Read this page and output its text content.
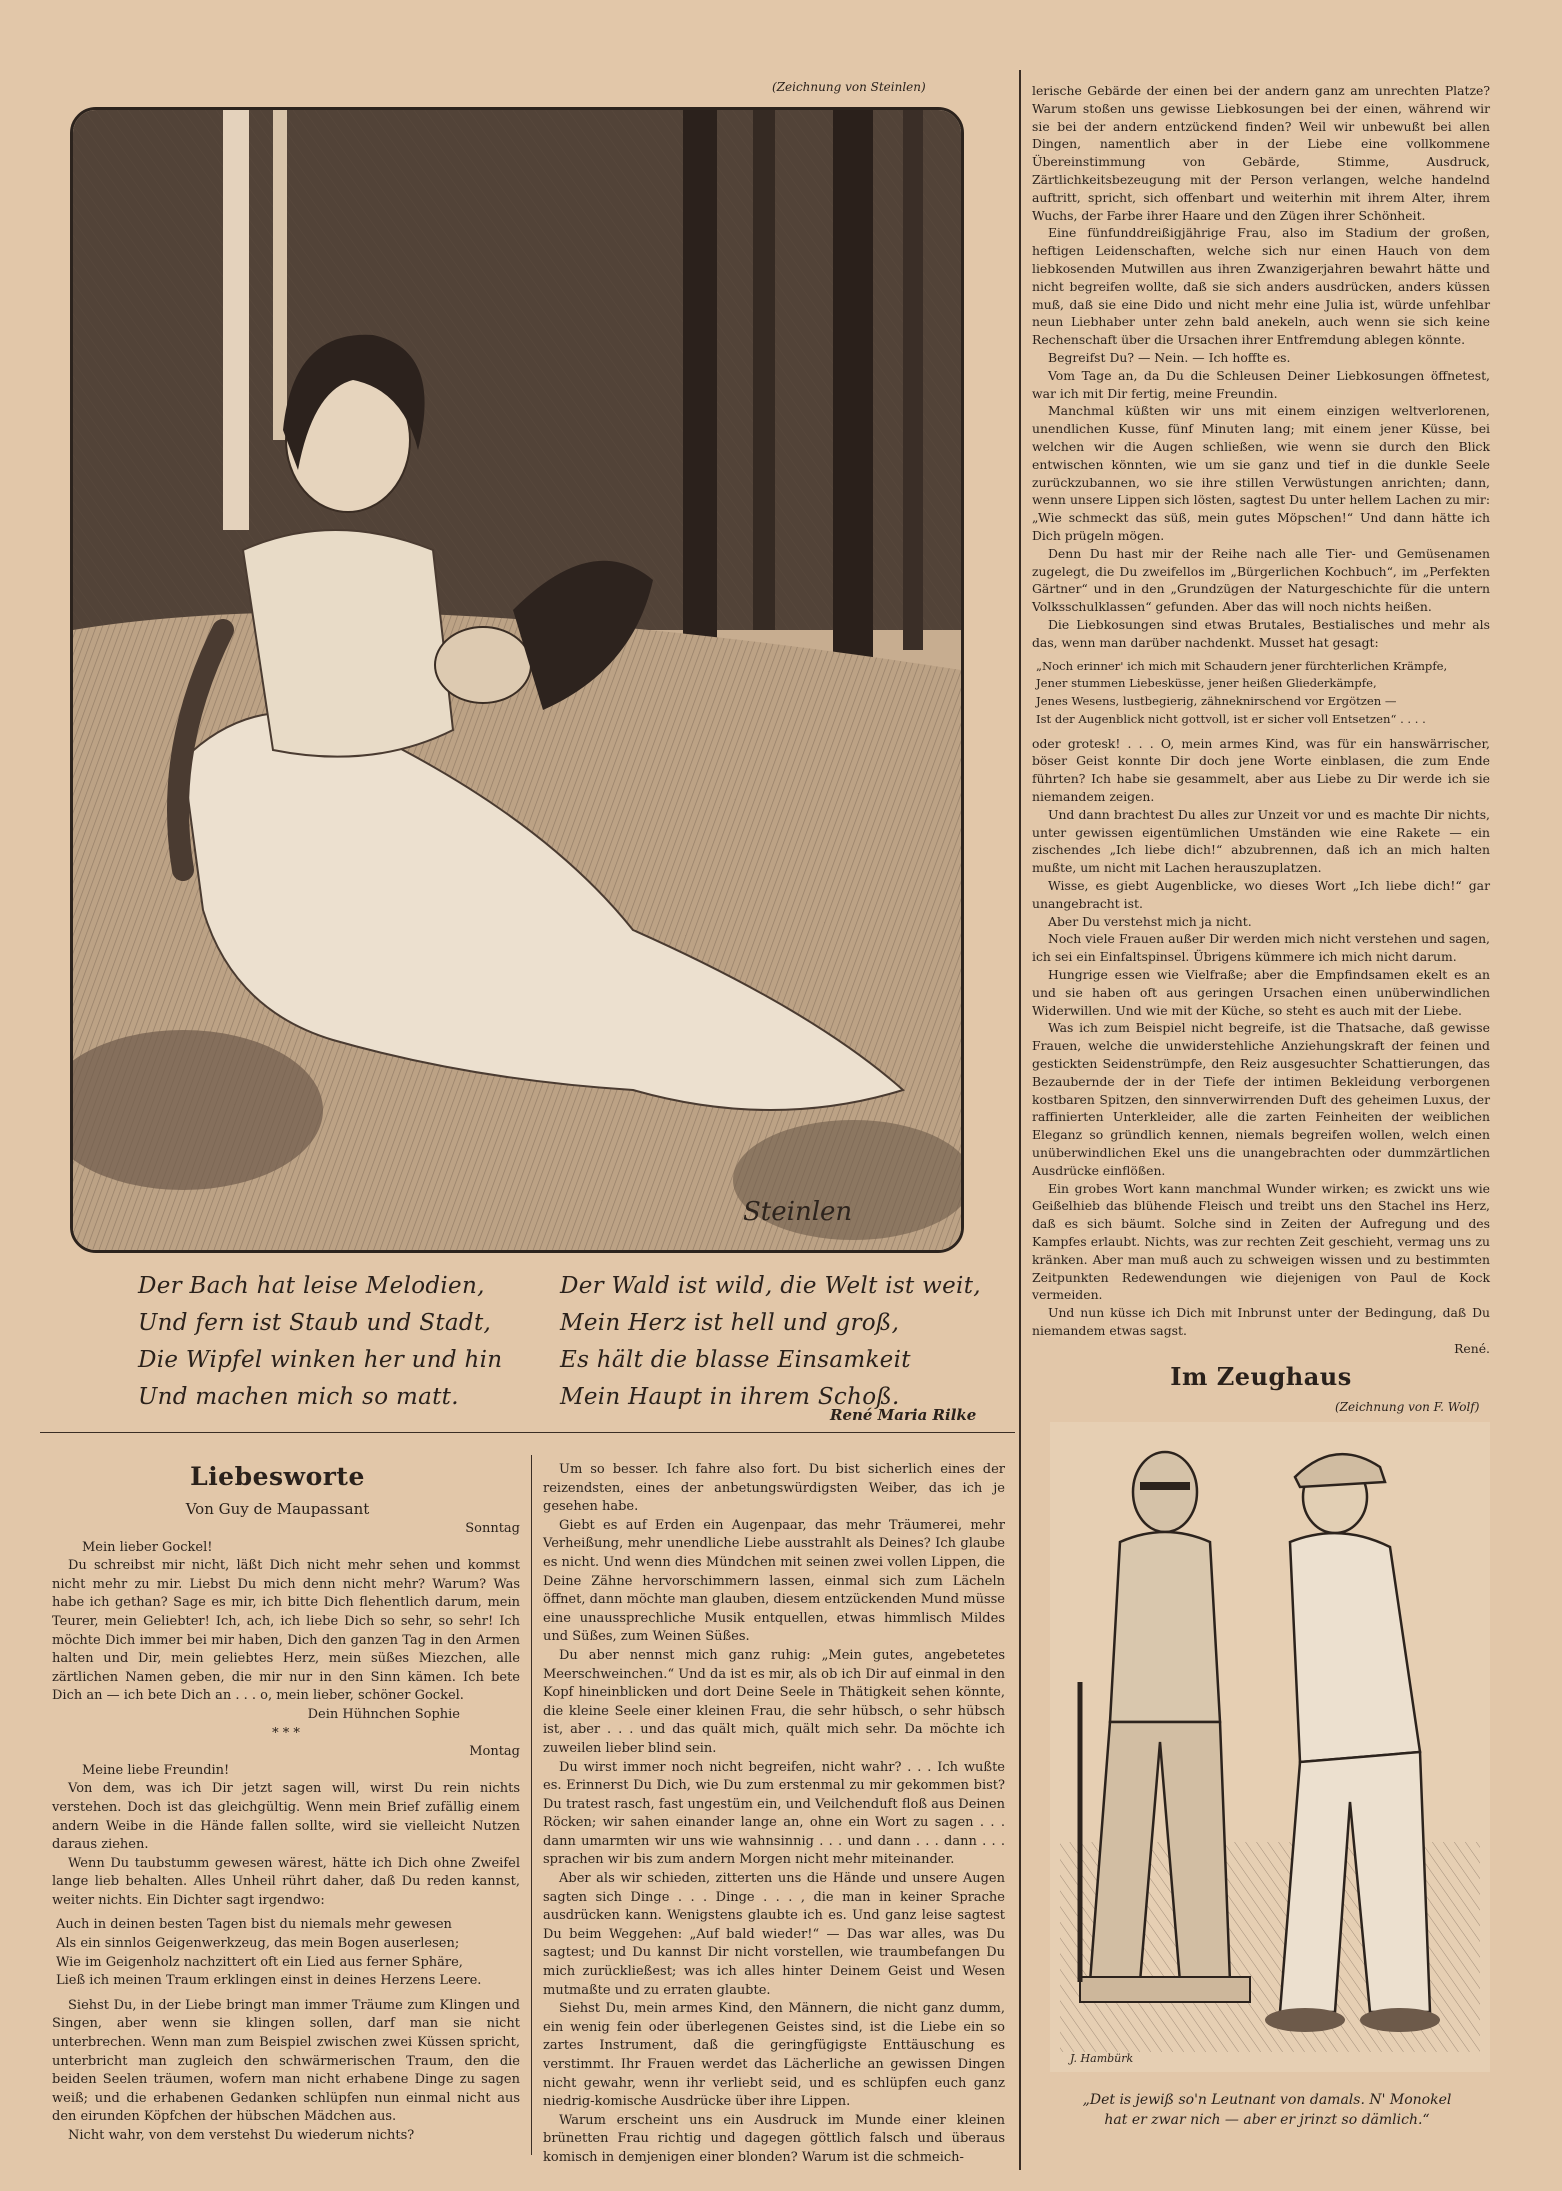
(Zeichnung von Steinlen)
Steinlen
Der Bach hat leise Melodien,
Und fern ist Staub und Stadt,
Die Wipfel winken her und hin
Und machen mich so matt.
Der Wald ist wild, die Welt ist weit,
Mein Herz ist hell und groß,
Es hält die blasse Einsamkeit
Mein Haupt in ihrem Schoß.
René Maria Rilke
Liebesworte
Von Guy de Maupassant

Sonntag

Mein lieber Gockel!

Du schreibst mir nicht, läßt Dich nicht mehr sehen und kommst nicht mehr zu mir. Liebst Du mich denn nicht mehr? Warum? Was habe ich gethan? Sage es mir, ich bitte Dich flehentlich darum, mein Teurer, mein Geliebter! Ich, ach, ich liebe Dich so sehr, so sehr! Ich möchte Dich immer bei mir haben, Dich den ganzen Tag in den Armen halten und Dir, mein geliebtes Herz, mein süßes Miezchen, alle zärtlichen Namen geben, die mir nur in den Sinn kämen. Ich bete Dich an — ich bete Dich an . . . o, mein lieber, schöner Gockel.

Dein Hühnchen Sophie

* * *

Montag

Meine liebe Freundin!

Von dem, was ich Dir jetzt sagen will, wirst Du rein nichts verstehen. Doch ist das gleichgültig. Wenn mein Brief zufällig einem andern Weibe in die Hände fallen sollte, wird sie vielleicht Nutzen daraus ziehen.

Wenn Du taubstumm gewesen wärest, hätte ich Dich ohne Zweifel lange lieb behalten. Alles Unheil rührt daher, daß Du reden kannst, weiter nichts. Ein Dichter sagt irgendwo:

Auch in deinen besten Tagen bist du niemals mehr gewesen
Als ein sinnlos Geigenwerkzeug, das mein Bogen auserlesen;
Wie im Geigenholz nachzittert oft ein Lied aus ferner Sphäre,
Ließ ich meinen Traum erklingen einst in deines Herzens Leere.

Siehst Du, in der Liebe bringt man immer Träume zum Klingen und Singen, aber wenn sie klingen sollen, darf man sie nicht unterbrechen. Wenn man zum Beispiel zwischen zwei Küssen spricht, unterbricht man zugleich den schwärmerischen Traum, den die beiden Seelen träumen, wofern man nicht erhabene Dinge zu sagen weiß; und die erhabenen Gedanken schlüpfen nun einmal nicht aus den eirunden Köpfchen der hübschen Mädchen aus.

Nicht wahr, von dem verstehst Du wiederum nichts?

Um so besser. Ich fahre also fort. Du bist sicherlich eines der reizendsten, eines der anbetungswürdigsten Weiber, das ich je gesehen habe.

Giebt es auf Erden ein Augenpaar, das mehr Träumerei, mehr Verheißung, mehr unendliche Liebe ausstrahlt als Deines? Ich glaube es nicht. Und wenn dies Mündchen mit seinen zwei vollen Lippen, die Deine Zähne hervorschimmern lassen, einmal sich zum Lächeln öffnet, dann möchte man glauben, diesem entzückenden Mund müsse eine unaussprechliche Musik entquellen, etwas himmlisch Mildes und Süßes, zum Weinen Süßes.

Du aber nennst mich ganz ruhig: „Mein gutes, angebetetes Meerschweinchen.“ Und da ist es mir, als ob ich Dir auf einmal in den Kopf hineinblicken und dort Deine Seele in Thätigkeit sehen könnte, die kleine Seele einer kleinen Frau, die sehr hübsch, o sehr hübsch ist, aber . . . und das quält mich, quält mich sehr. Da möchte ich zuweilen lieber blind sein.

Du wirst immer noch nicht begreifen, nicht wahr? . . . Ich wußte es. Erinnerst Du Dich, wie Du zum erstenmal zu mir gekommen bist? Du tratest rasch, fast ungestüm ein, und Veilchenduft floß aus Deinen Röcken; wir sahen einander lange an, ohne ein Wort zu sagen . . . dann umarmten wir uns wie wahnsinnig . . . und dann . . . dann . . . sprachen wir bis zum andern Morgen nicht mehr miteinander.

Aber als wir schieden, zitterten uns die Hände und unsere Augen sagten sich Dinge . . . Dinge . . . , die man in keiner Sprache ausdrücken kann. Wenigstens glaubte ich es. Und ganz leise sagtest Du beim Weggehen: „Auf bald wieder!“ — Das war alles, was Du sagtest; und Du kannst Dir nicht vorstellen, wie traumbefangen Du mich zurückließest; was ich alles hinter Deinem Geist und Wesen mutmaßte und zu erraten glaubte.

Siehst Du, mein armes Kind, den Männern, die nicht ganz dumm, ein wenig fein oder überlegenen Geistes sind, ist die Liebe ein so zartes Instrument, daß die geringfügigste Enttäuschung es verstimmt. Ihr Frauen werdet das Lächerliche an gewissen Dingen nicht gewahr, wenn ihr verliebt seid, und es schlüpfen euch ganz niedrig-komische Ausdrücke über ihre Lippen.

Warum erscheint uns ein Ausdruck im Munde einer kleinen brünetten Frau richtig und dagegen göttlich falsch und überaus komisch in demjenigen einer blonden? Warum ist die schmeich-

lerische Gebärde der einen bei der andern ganz am unrechten Platze? Warum stoßen uns gewisse Liebkosungen bei der einen, während wir sie bei der andern entzückend finden? Weil wir unbewußt bei allen Dingen, namentlich aber in der Liebe eine vollkommene Übereinstimmung von Gebärde, Stimme, Ausdruck, Zärtlichkeitsbezeugung mit der Person verlangen, welche handelnd auftritt, spricht, sich offenbart und weiterhin mit ihrem Alter, ihrem Wuchs, der Farbe ihrer Haare und den Zügen ihrer Schönheit.

Eine fünfunddreißigjährige Frau, also im Stadium der großen, heftigen Leidenschaften, welche sich nur einen Hauch von dem liebkosenden Mutwillen aus ihren Zwanzigerjahren bewahrt hätte und nicht begreifen wollte, daß sie sich anders ausdrücken, anders küssen muß, daß sie eine Dido und nicht mehr eine Julia ist, würde unfehlbar neun Liebhaber unter zehn bald anekeln, auch wenn sie sich keine Rechenschaft über die Ursachen ihrer Entfremdung ablegen könnte.

Begreifst Du? — Nein. — Ich hoffte es.

Vom Tage an, da Du die Schleusen Deiner Liebkosungen öffnetest, war ich mit Dir fertig, meine Freundin.

Manchmal küßten wir uns mit einem einzigen weltverlorenen, unendlichen Kusse, fünf Minuten lang; mit einem jener Küsse, bei welchen wir die Augen schließen, wie wenn sie durch den Blick entwischen könnten, wie um sie ganz und tief in die dunkle Seele zurückzubannen, wo sie ihre stillen Verwüstungen anrichten; dann, wenn unsere Lippen sich lösten, sagtest Du unter hellem Lachen zu mir: „Wie schmeckt das süß, mein gutes Möpschen!“ Und dann hätte ich Dich prügeln mögen.

Denn Du hast mir der Reihe nach alle Tier- und Gemüsenamen zugelegt, die Du zweifellos im „Bürgerlichen Kochbuch“, im „Perfekten Gärtner“ und in den „Grundzügen der Naturgeschichte für die untern Volksschulklassen“ gefunden. Aber das will noch nichts heißen.

Die Liebkosungen sind etwas Brutales, Bestialisches und mehr als das, wenn man darüber nachdenkt. Musset hat gesagt:

„Noch erinner' ich mich mit Schaudern jener fürchterlichen Krämpfe,
Jener stummen Liebesküsse, jener heißen Gliederkämpfe,
Jenes Wesens, lustbegierig, zähneknirschend vor Ergötzen —
Ist der Augenblick nicht gottvoll, ist er sicher voll Entsetzen“ . . . .

oder grotesk! . . . O, mein armes Kind, was für ein hanswärrischer, böser Geist konnte Dir doch jene Worte einblasen, die zum Ende führten? Ich habe sie gesammelt, aber aus Liebe zu Dir werde ich sie niemandem zeigen.

Und dann brachtest Du alles zur Unzeit vor und es machte Dir nichts, unter gewissen eigentümlichen Umständen wie eine Rakete — ein zischendes „Ich liebe dich!“ abzubrennen, daß ich an mich halten mußte, um nicht mit Lachen herauszuplatzen.

Wisse, es giebt Augenblicke, wo dieses Wort „Ich liebe dich!“ gar unangebracht ist.

Aber Du verstehst mich ja nicht.

Noch viele Frauen außer Dir werden mich nicht verstehen und sagen, ich sei ein Einfaltspinsel. Übrigens kümmere ich mich nicht darum.

Hungrige essen wie Vielfraße; aber die Empfindsamen ekelt es an und sie haben oft aus geringen Ursachen einen unüberwindlichen Widerwillen. Und wie mit der Küche, so steht es auch mit der Liebe.

Was ich zum Beispiel nicht begreife, ist die Thatsache, daß gewisse Frauen, welche die unwiderstehliche Anziehungskraft der feinen und gestickten Seidenstrümpfe, den Reiz ausgesuchter Schattierungen, das Bezaubernde der in der Tiefe der intimen Bekleidung verborgenen kostbaren Spitzen, den sinnverwirrenden Duft des geheimen Luxus, der raffinierten Unterkleider, alle die zarten Feinheiten der weiblichen Eleganz so gründlich kennen, niemals begreifen wollen, welch einen unüberwindlichen Ekel uns die unangebrachten oder dummzärtlichen Ausdrücke einflößen.

Ein grobes Wort kann manchmal Wunder wirken; es zwickt uns wie Geißelhieb das blühende Fleisch und treibt uns den Stachel ins Herz, daß es sich bäumt. Solche sind in Zeiten der Aufregung und des Kampfes erlaubt. Nichts, was zur rechten Zeit geschieht, vermag uns zu kränken. Aber man muß auch zu schweigen wissen und zu bestimmten Zeitpunkten Redewendungen wie diejenigen von Paul de Kock vermeiden.

Und nun küsse ich Dich mit Inbrunst unter der Bedingung, daß Du niemandem etwas sagst.

René.

Im Zeughaus
(Zeichnung von F. Wolf)
J. Hambürk
„Det is jewiß so'n Leutnant von damals. N' Monokel
hat er zwar nich — aber er jrinzt so dämlich.“
